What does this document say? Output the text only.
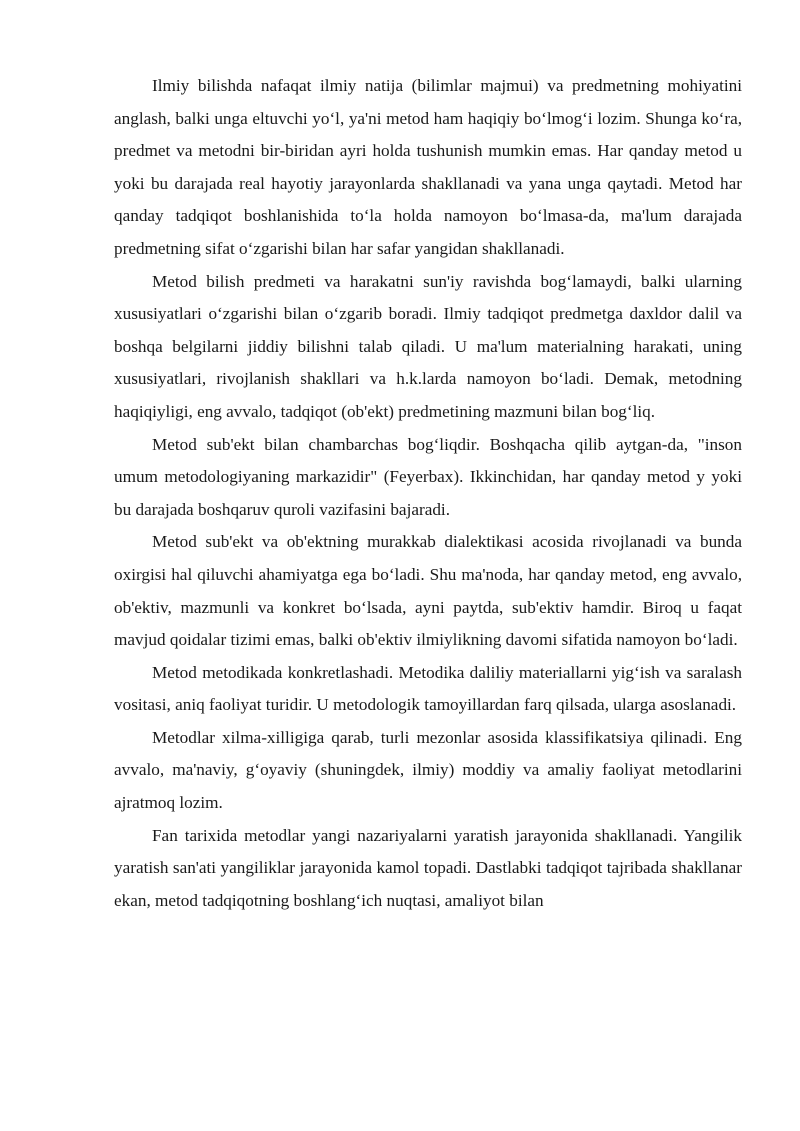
Ilmiy bilishda nafaqat ilmiy natija (bilimlar majmui) va predmetning mohiyatini anglash, balki unga eltuvchi yo‘l, ya'ni metod ham haqiqiy bo‘lmog‘i lozim. Shunga ko‘ra, predmet va metodni bir-biridan ayri holda tushunish mumkin emas. Har qanday metod u yoki bu darajada real hayotiy jarayonlarda shakllanadi va yana unga qaytadi. Metod har qanday tadqiqot boshlanishida to‘la holda namoyon bo‘lmasa-da, ma'lum darajada predmetning sifat o‘zgarishi bilan har safar yangidan shakllanadi.

Metod bilish predmeti va harakatni sun'iy ravishda bog‘lamaydi, balki ularning xususiyatlari o‘zgarishi bilan o‘zgarib boradi. Ilmiy tadqiqot predmetga daxldor dalil va boshqa belgilarni jiddiy bilishni talab qiladi. U ma'lum materialning harakati, uning xususiyatlari, rivojlanish shakllari va h.k.larda namoyon bo‘ladi. Demak, metodning haqiqiyligi, eng avvalo, tadqiqot (ob'ekt) predmetining mazmuni bilan bog‘liq.

Metod sub'ekt bilan chambarchas bog‘liqdir. Boshqacha qilib aytgan-da, "inson umum metodologiyaning markazidir" (Feyerbax). Ikkinchidan, har qanday metod y yoki bu darajada boshqaruv quroli vazifasini bajaradi.

Metod sub'ekt va ob'ektning murakkab dialektikasi acosida rivojlanadi va bunda oxirgisi hal qiluvchi ahamiyatga ega bo‘ladi. Shu ma'noda, har qanday metod, eng avvalo, ob'ektiv, mazmunli va konkret bo‘lsada, ayni paytda, sub'ektiv hamdir. Biroq u faqat mavjud qoidalar tizimi emas, balki ob'ektiv ilmiylikning davomi sifatida namoyon bo‘ladi.

Metod metodikada konkretlashadi. Metodika daliliy materiallarni yig‘ish va saralash vositasi, aniq faoliyat turidir. U metodologik tamoyillardan farq qilsada, ularga asoslanadi.

Metodlar xilma-xilligiga qarab, turli mezonlar asosida klassifikatsiya qilinadi. Eng avvalo, ma'naviy, g‘oyaviy (shuningdek, ilmiy) moddiy va amaliy faoliyat metodlarini ajratmoq lozim.

Fan tarixida metodlar yangi nazariyalarni yaratish jarayonida shakllanadi. Yangilik yaratish san'ati yangiliklar jarayonida kamol topadi. Dastlabki tadqiqot tajribada shakllanar ekan, metod tadqiqotning boshlang‘ich nuqtasi, amaliyot bilan
